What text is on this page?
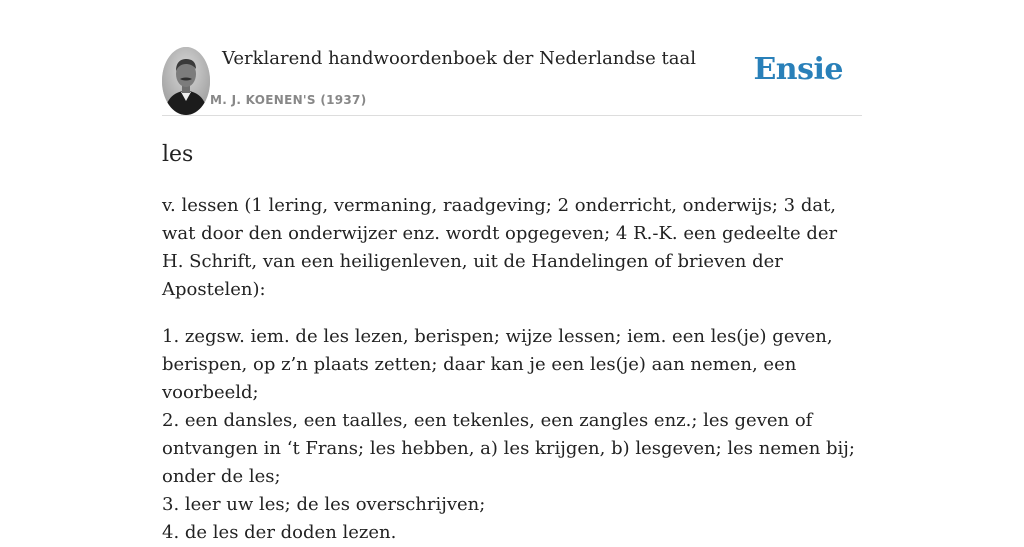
Verklarend handwoordenboek der Nederlandse taal
M. J. KOENEN'S (1937)
Ensie
les

v. lessen (1 lering, vermaning, raadgeving; 2 onderricht, onderwijs; 3 dat, wat door den onderwijzer enz. wordt opgegeven; 4 R.-K. een gedeelte der H. Schrift, van een heiligenleven, uit de Handelingen of brieven der Apostelen):

1. zegsw. iem. de les lezen, berispen; wijze lessen; iem. een les(je) geven, berispen, op z’n plaats zetten; daar kan je een les(je) aan nemen, een voorbeeld;
2. een dansles, een taalles, een tekenles, een zangles enz.; les geven of ontvangen in ‘t Frans; les hebben, a) les krijgen, b) lesgeven; les nemen bij; onder de les;
3. leer uw les; de les overschrijven;
4. de les der doden lezen.
